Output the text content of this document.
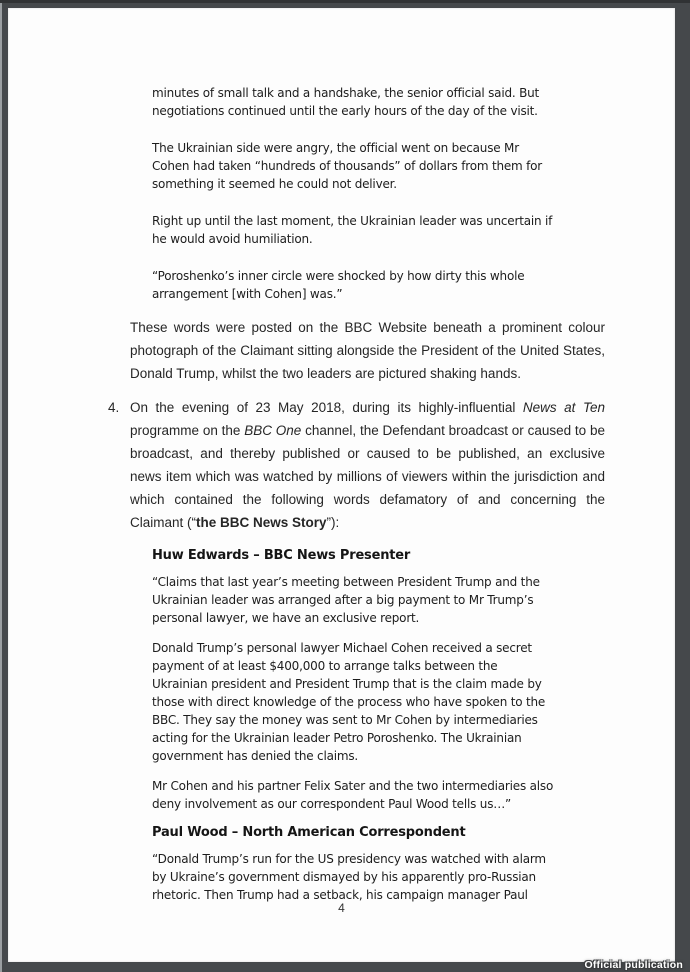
minutes of small talk and a handshake, the senior official said. But negotiations continued until the early hours of the day of the visit.

The Ukrainian side were angry, the official went on because Mr Cohen had taken “hundreds of thousands” of dollars from them for something it seemed he could not deliver.

Right up until the last moment, the Ukrainian leader was uncertain if he would avoid humiliation.

“Poroshenko’s inner circle were shocked by how dirty this whole arrangement [with Cohen] was.”

These words were posted on the BBC Website beneath a prominent colour photograph of the Claimant sitting alongside the President of the United States, Donald Trump, whilst the two leaders are pictured shaking hands.

4. On the evening of 23 May 2018, during its highly-influential News at Ten programme on the BBC One channel, the Defendant broadcast or caused to be broadcast, and thereby published or caused to be published, an exclusive news item which was watched by millions of viewers within the jurisdiction and which contained the following words defamatory of and concerning the Claimant (“the BBC News Story”):

Huw Edwards – BBC News Presenter

“Claims that last year’s meeting between President Trump and the Ukrainian leader was arranged after a big payment to Mr Trump’s personal lawyer, we have an exclusive report.

Donald Trump’s personal lawyer Michael Cohen received a secret payment of at least $400,000 to arrange talks between the Ukrainian president and President Trump that is the claim made by those with direct knowledge of the process who have spoken to the BBC. They say the money was sent to Mr Cohen by intermediaries acting for the Ukrainian leader Petro Poroshenko. The Ukrainian government has denied the claims.

Mr Cohen and his partner Felix Sater and the two intermediaries also deny involvement as our correspondent Paul Wood tells us…”

Paul Wood – North American Correspondent

“Donald Trump’s run for the US presidency was watched with alarm by Ukraine’s government dismayed by his apparently pro-Russian rhetoric. Then Trump had a setback, his campaign manager Paul

4
Official publication
